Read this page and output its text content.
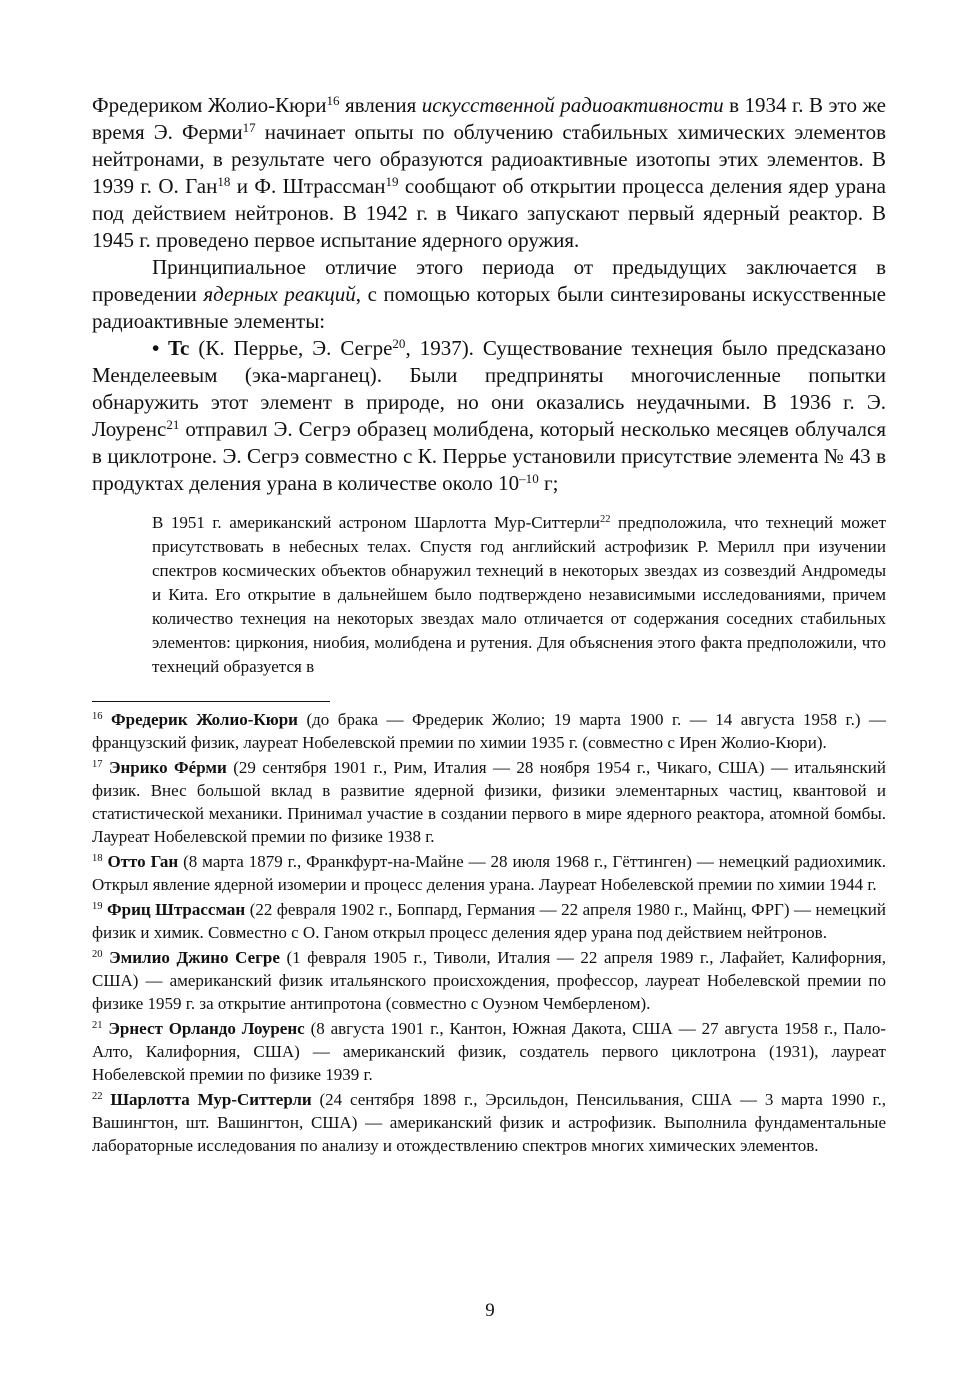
Фредериком Жолио-Кюри$^{16}$ явления искусственной радиоактивности в 1934 г. В это же время Э. Ферми$^{17}$ начинает опыты по облучению стабильных химических элементов нейтронами, в результате чего образуются радиоактивные изотопы этих элементов. В 1939 г. О. Ган$^{18}$ и Ф. Штрассман$^{19}$ сообщают об открытии процесса деления ядер урана под действием нейтронов. В 1942 г. в Чикаго запускают первый ядерный реактор. В 1945 г. проведено первое испытание ядерного оружия.

Принципиальное отличие этого периода от предыдущих заключается в проведении ядерных реакций, с помощью которых были синтезированы искусственные радиоактивные элементы:

• Tc (К. Перрье, Э. Сегре$^{20}$, 1937). Существование технеция было предсказано Менделеевым (эка-марганец). Были предприняты многочисленные попытки обнаружить этот элемент в природе, но они оказались неудачными. В 1936 г. Э. Лоуренс$^{21}$ отправил Э. Сегрэ образец молибдена, который несколько месяцев облучался в циклотроне. Э. Сегрэ совместно с К. Перрье установили присутствие элемента № 43 в продуктах деления урана в количестве около $10^{-10}$ г;

В 1951 г. американский астроном Шарлотта Мур-Ситтерли$^{22}$ предположила, что технеций может присутствовать в небесных телах. Спустя год английский астрофизик Р. Мерилл при изучении спектров космических объектов обнаружил технеций в некоторых звездах из созвездий Андромеды и Кита. Его открытие в дальнейшем было подтверждено независимыми исследованиями, причем количество технеция на некоторых звездах мало отличается от содержания соседних стабильных элементов: циркония, ниобия, молибдена и рутения. Для объяснения этого факта предположили, что технеций образуется в

$^{16}$ Фредерик Жолио-Кюри (до брака — Фредерик Жолио; 19 марта 1900 г. — 14 августа 1958 г.) — французский физик, лауреат Нобелевской премии по химии 1935 г. (совместно с Ирен Жолио-Кюри).

$^{17}$ Энрико Фéрми (29 сентября 1901 г., Рим, Италия — 28 ноября 1954 г., Чикаго, США) — итальянский физик. Внес большой вклад в развитие ядерной физики, физики элементарных частиц, квантовой и статистической механики. Принимал участие в создании первого в мире ядерного реактора, атомной бомбы. Лауреат Нобелевской премии по физике 1938 г.

$^{18}$ Отто Ган (8 марта 1879 г., Франкфурт-на-Майне — 28 июля 1968 г., Гёттинген) — немецкий радиохимик. Открыл явление ядерной изомерии и процесс деления урана. Лауреат Нобелевской премии по химии 1944 г.

$^{19}$ Фриц Штрассман (22 февраля 1902 г., Боппард, Германия — 22 апреля 1980 г., Майнц, ФРГ) — немецкий физик и химик. Совместно с О. Ганом открыл процесс деления ядер урана под действием нейтронов.

$^{20}$ Эмилио Джино Сегре (1 февраля 1905 г., Тиволи, Италия — 22 апреля 1989 г., Лафайет, Калифорния, США) — американский физик итальянского происхождения, профессор, лауреат Нобелевской премии по физике 1959 г. за открытие антипротона (совместно с Оуэном Чемберленом).

$^{21}$ Эрнест Орландо Лоуренс (8 августа 1901 г., Кантон, Южная Дакота, США — 27 августа 1958 г., Пало-Алто, Калифорния, США) — американский физик, создатель первого циклотрона (1931), лауреат Нобелевской премии по физике 1939 г.

$^{22}$ Шарлотта Мур-Ситтерли (24 сентября 1898 г., Эрсильдон, Пенсильвания, США — 3 марта 1990 г., Вашингтон, шт. Вашингтон, США) — американский физик и астрофизик. Выполнила фундаментальные лабораторные исследования по анализу и отождествлению спектров многих химических элементов.

9
